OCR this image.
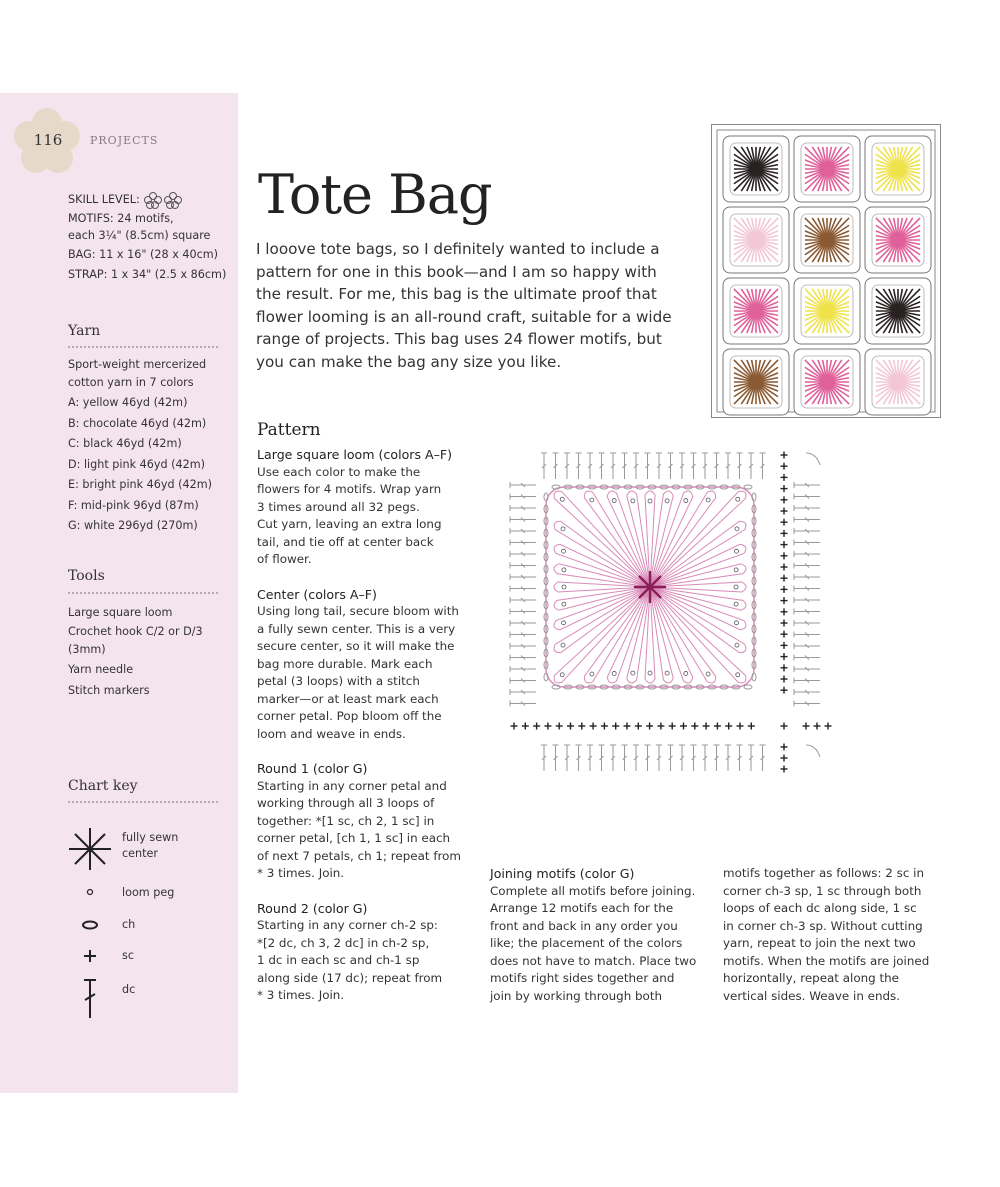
116	PROJECTS
SKILL LEVEL:
MOTIFS: 24 motifs,
each 3¼" (8.5cm) square
BAG: 11 x 16" (28 x 40cm)
STRAP: 1 x 34" (2.5 x 86cm)
Yarn
Sport-weight mercerized
cotton yarn in 7 colors
A: yellow 46yd (42m)
B: chocolate 46yd (42m)
C: black 46yd (42m)
D: light pink 46yd (42m)
E: bright pink 46yd (42m)
F: mid-pink 96yd (87m)
G: white 296yd (270m)
Tools
Large square loom
Crochet hook C/2 or D/3
(3mm)
Yarn needle
Stitch markers
Chart key
fully sewn
center
loom peg
ch
sc
dc
Tote Bag
I looove tote bags, so I definitely wanted to include a
pattern for one in this book—and I am so happy with
the result. For me, this bag is the ultimate proof that
flower looming is an all-round craft, suitable for a wide
range of projects. This bag uses 24 flower motifs, but
you can make the bag any size you like.
Pattern

Large square loom (colors A–F)
Use each color to make the
flowers for 4 motifs. Wrap yarn
3 times around all 32 pegs.
Cut yarn, leaving an extra long
tail, and tie off at center back
of flower.

Center (colors A–F)
Using long tail, secure bloom with
a fully sewn center. This is a very
secure center, so it will make the
bag more durable. Mark each
petal (3 loops) with a stitch
marker—or at least mark each
corner petal. Pop bloom off the
loom and weave in ends.

Round 1 (color G)
Starting in any corner petal and
working through all 3 loops of
together: *[1 sc, ch 2, 1 sc] in
corner petal, [ch 1, 1 sc] in each
of next 7 petals, ch 1; repeat from
* 3 times. Join.

Round 2 (color G)
Starting in any corner ch-2 sp:
*[2 dc, ch 3, 2 dc] in ch-2 sp,
1 dc in each sc and ch-1 sp
along side (17 dc); repeat from
* 3 times. Join.

Joining motifs (color G)
Complete all motifs before joining.
Arrange 12 motifs each for the
front and back in any order you
like; the placement of the colors
does not have to match. Place two
motifs right sides together and
join by working through both

motifs together as follows: 2 sc in
corner ch-3 sp, 1 sc through both
loops of each dc along side, 1 sc
in corner ch-3 sp. Without cutting
yarn, repeat to join the next two
motifs. When the motifs are joined
horizontally, repeat along the
vertical sides. Weave in ends.
